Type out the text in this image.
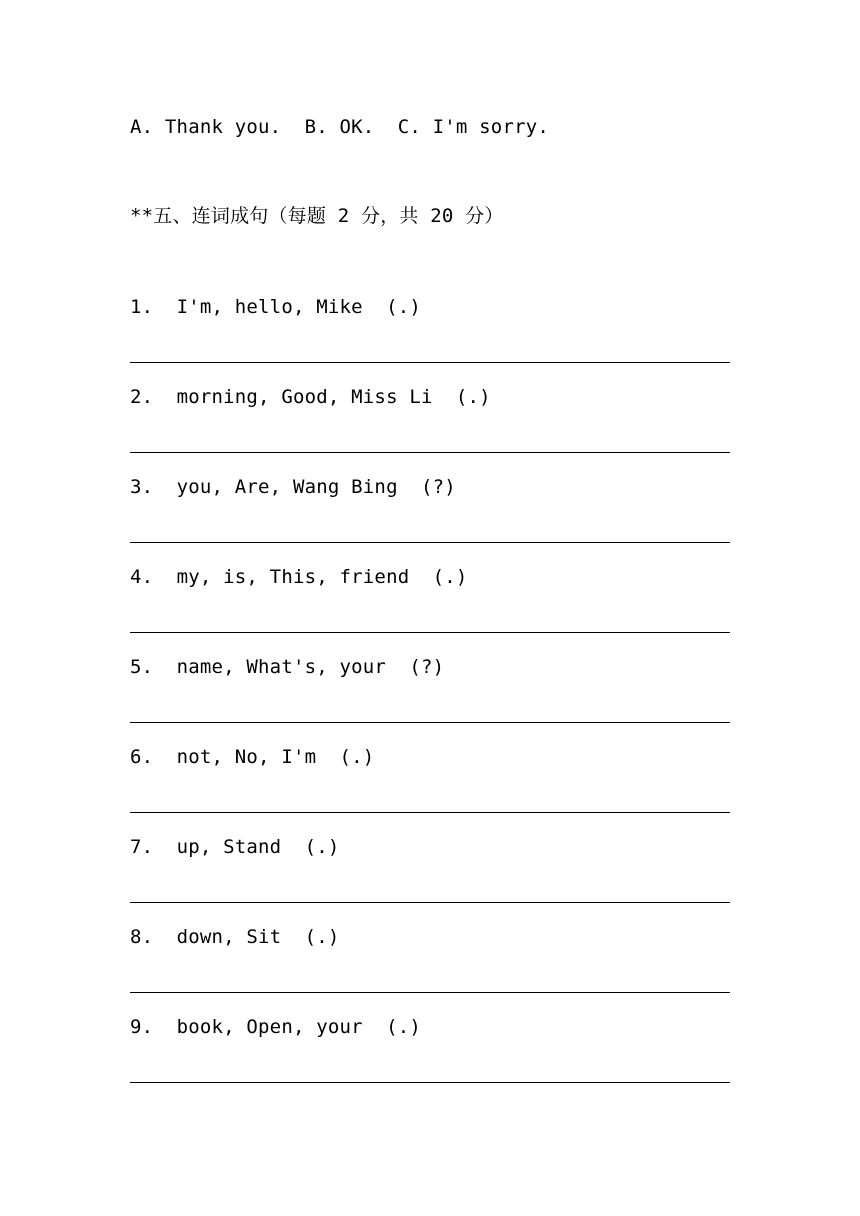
A. Thank you.  B. OK.  C. I'm sorry.
**五、连词成句（每题 2 分，共 20 分）
1. I'm, hello, Mike (.)
2. morning, Good, Miss Li (.)
3. you, Are, Wang Bing (?)
4. my, is, This, friend (.)
5. name, What's, your (?)
6. not, No, I'm (.)
7. up, Stand (.)
8. down, Sit (.)
9. book, Open, your (.)
